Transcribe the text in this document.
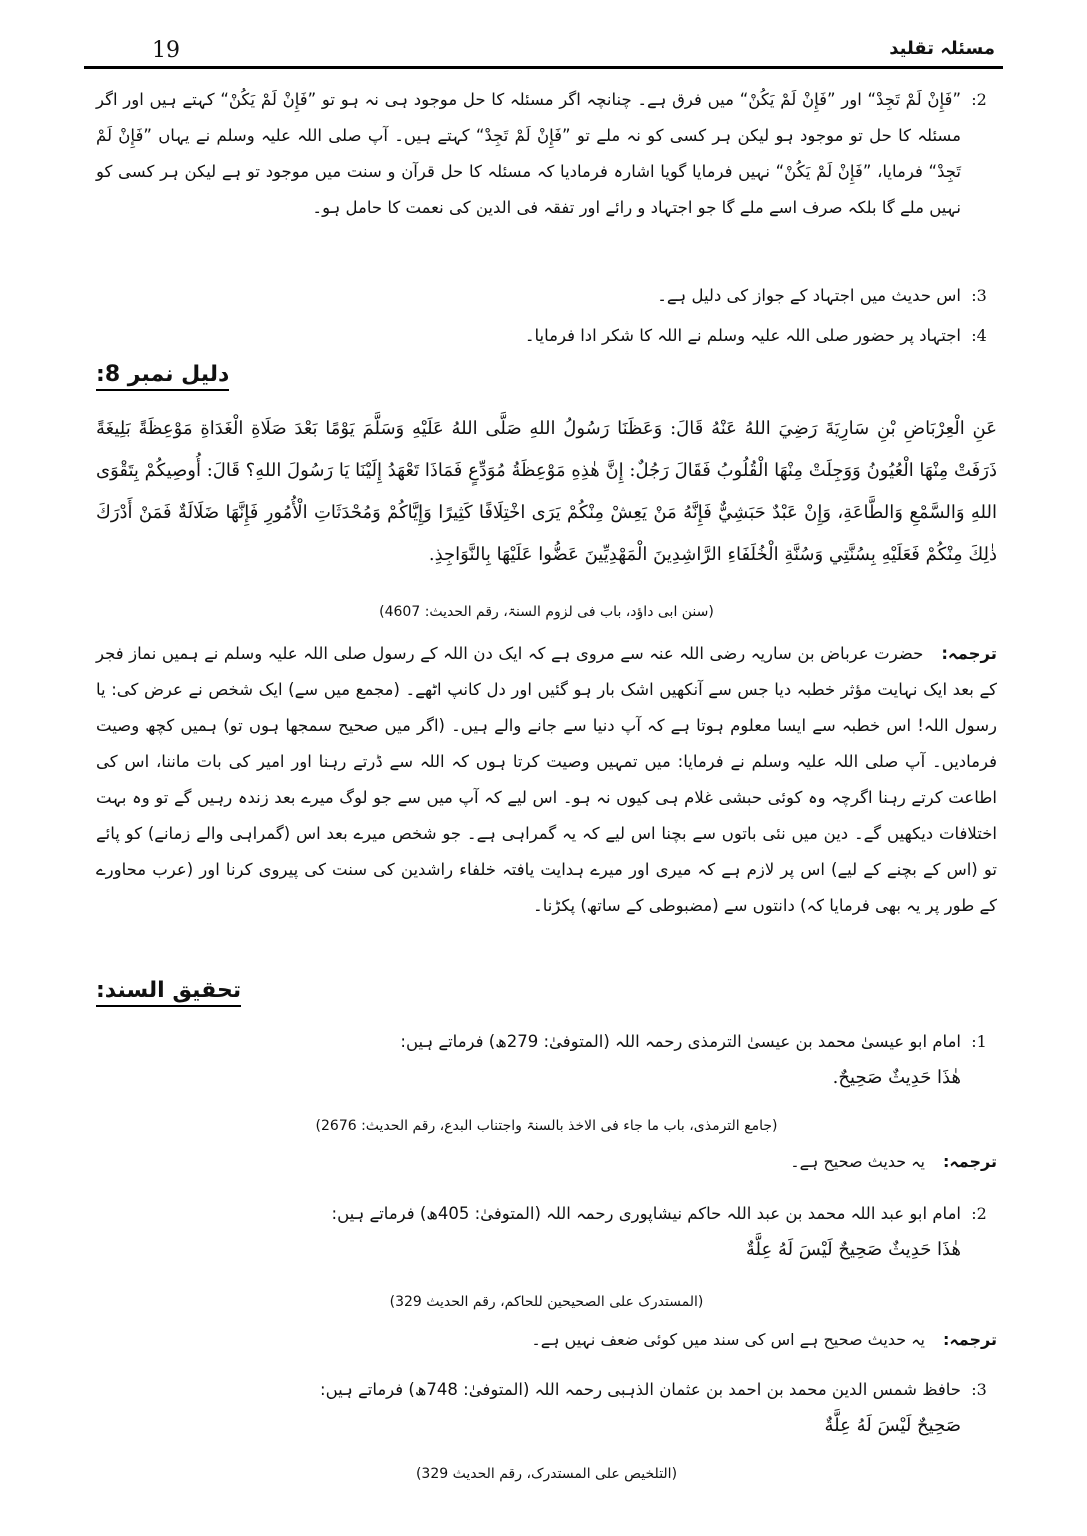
19	مسئلہ تقلید
2:
”فَإِنْ لَمْ تَجِدْ“ اور ”فَإِنْ لَمْ يَكُنْ“ میں فرق ہے۔ چنانچہ اگر مسئلہ کا حل موجود ہی نہ ہو تو ”فَإِنْ لَمْ يَكُنْ“ کہتے ہیں اور اگر مسئلہ کا حل تو موجود ہو لیکن ہر کسی کو نہ ملے تو ”فَإِنْ لَمْ تَجِدْ“ کہتے ہیں۔ آپ صلی اللہ علیہ وسلم نے یہاں ”فَإِنْ لَمْ تَجِدْ“ فرمایا، ”فَإِنْ لَمْ يَكُنْ“ نہیں فرمایا گویا اشارہ فرمادیا کہ مسئلہ کا حل قرآن و سنت میں موجود تو ہے لیکن ہر کسی کو نہیں ملے گا بلکہ صرف اسے ملے گا جو اجتہاد و رائے اور تفقہ فی الدین کی نعمت کا حامل ہو۔
3:
اس حدیث میں اجتہاد کے جواز کی دلیل ہے۔
4:
اجتہاد پر حضور صلی اللہ علیہ وسلم نے اللہ کا شکر ادا فرمایا۔
دلیل نمبر 8:
عَنِ الْعِرْبَاضِ بْنِ سَارِيَةَ رَضِيَ اللهُ عَنْهُ قَالَ: وَعَظَنَا رَسُولُ اللهِ صَلَّى اللهُ عَلَيْهِ وَسَلَّمَ يَوْمًا بَعْدَ صَلَاةِ الْغَدَاةِ مَوْعِظَةً بَلِيغَةً ذَرَفَتْ مِنْهَا الْعُيُونُ وَوَجِلَتْ مِنْهَا الْقُلُوبُ فَقَالَ رَجُلٌ: إِنَّ هٰذِهِ مَوْعِظَةُ مُوَدِّعٍ فَمَاذَا تَعْهَدُ إِلَيْنَا يَا رَسُولَ اللهِ؟ قَالَ: أُوصِيكُمْ بِتَقْوَى اللهِ وَالسَّمْعِ وَالطَّاعَةِ، وَإِنْ عَبْدٌ حَبَشِيٌّ فَإِنَّهُ مَنْ يَعِشْ مِنْكُمْ يَرَى اخْتِلَافًا كَثِيرًا وَإِيَّاكُمْ وَمُحْدَثَاتِ الْأُمُورِ فَإِنَّهَا ضَلَالَةٌ فَمَنْ أَدْرَكَ ذٰلِكَ مِنْكُمْ فَعَلَيْهِ بِسُنَّتِي وَسُنَّةِ الْخُلَفَاءِ الرَّاشِدِينَ الْمَهْدِيِّينَ عَضُّوا عَلَيْهَا بِالنَّوَاجِذِ.
(سنن ابی داؤد، باب فی لزوم السنۃ، رقم الحدیث: 4607)
ترجمہ:حضرت عرباض بن ساریہ رضی اللہ عنہ سے مروی ہے کہ ایک دن اللہ کے رسول صلی اللہ علیہ وسلم نے ہمیں نماز فجر کے بعد ایک نہایت مؤثر خطبہ دیا جس سے آنکھیں اشک بار ہو گئیں اور دل کانپ اٹھے۔ (مجمع میں سے) ایک شخص نے عرض کی: یا رسول اللہ! اس خطبہ سے ایسا معلوم ہوتا ہے کہ آپ دنیا سے جانے والے ہیں۔ (اگر میں صحیح سمجھا ہوں تو) ہمیں کچھ وصیت فرمادیں۔ آپ صلی اللہ علیہ وسلم نے فرمایا: میں تمہیں وصیت کرتا ہوں کہ اللہ سے ڈرتے رہنا اور امیر کی بات ماننا، اس کی اطاعت کرتے رہنا اگرچہ وہ کوئی حبشی غلام ہی کیوں نہ ہو۔ اس لیے کہ آپ میں سے جو لوگ میرے بعد زندہ رہیں گے تو وہ بہت اختلافات دیکھیں گے۔ دین میں نئی باتوں سے بچنا اس لیے کہ یہ گمراہی ہے۔ جو شخص میرے بعد اس (گمراہی والے زمانے) کو پائے تو (اس کے بچنے کے لیے) اس پر لازم ہے کہ میری اور میرے ہدایت یافتہ خلفاء راشدین کی سنت کی پیروی کرنا اور (عرب محاورے کے طور پر یہ بھی فرمایا کہ) دانتوں سے (مضبوطی کے ساتھ) پکڑنا۔
تحقیق السند:
1:
امام ابو عیسیٰ محمد بن عیسیٰ الترمذی رحمہ اللہ (المتوفیٰ: 279ھ) فرماتے ہیں:
هٰذَا حَدِيثٌ صَحِيحٌ.
(جامع الترمذی، باب ما جاء فی الاخذ بالسنۃ واجتناب البدع، رقم الحدیث: 2676)
ترجمہ:یہ حدیث صحیح ہے۔
2:
امام ابو عبد اللہ محمد بن عبد اللہ حاکم نیشاپوری رحمہ اللہ (المتوفیٰ: 405ھ) فرماتے ہیں:
هٰذَا حَدِيثٌ صَحِيحٌ لَيْسَ لَهُ عِلَّةٌ
(المستدرک علی الصحیحین للحاکم، رقم الحدیث 329)
ترجمہ:یہ حدیث صحیح ہے اس کی سند میں کوئی ضعف نہیں ہے۔
3:
حافظ شمس الدین محمد بن احمد بن عثمان الذہبی رحمہ اللہ (المتوفیٰ: 748ھ) فرماتے ہیں:
صَحِيحٌ لَيْسَ لَهُ عِلَّةٌ
(التلخیص علی المستدرک، رقم الحدیث 329)
